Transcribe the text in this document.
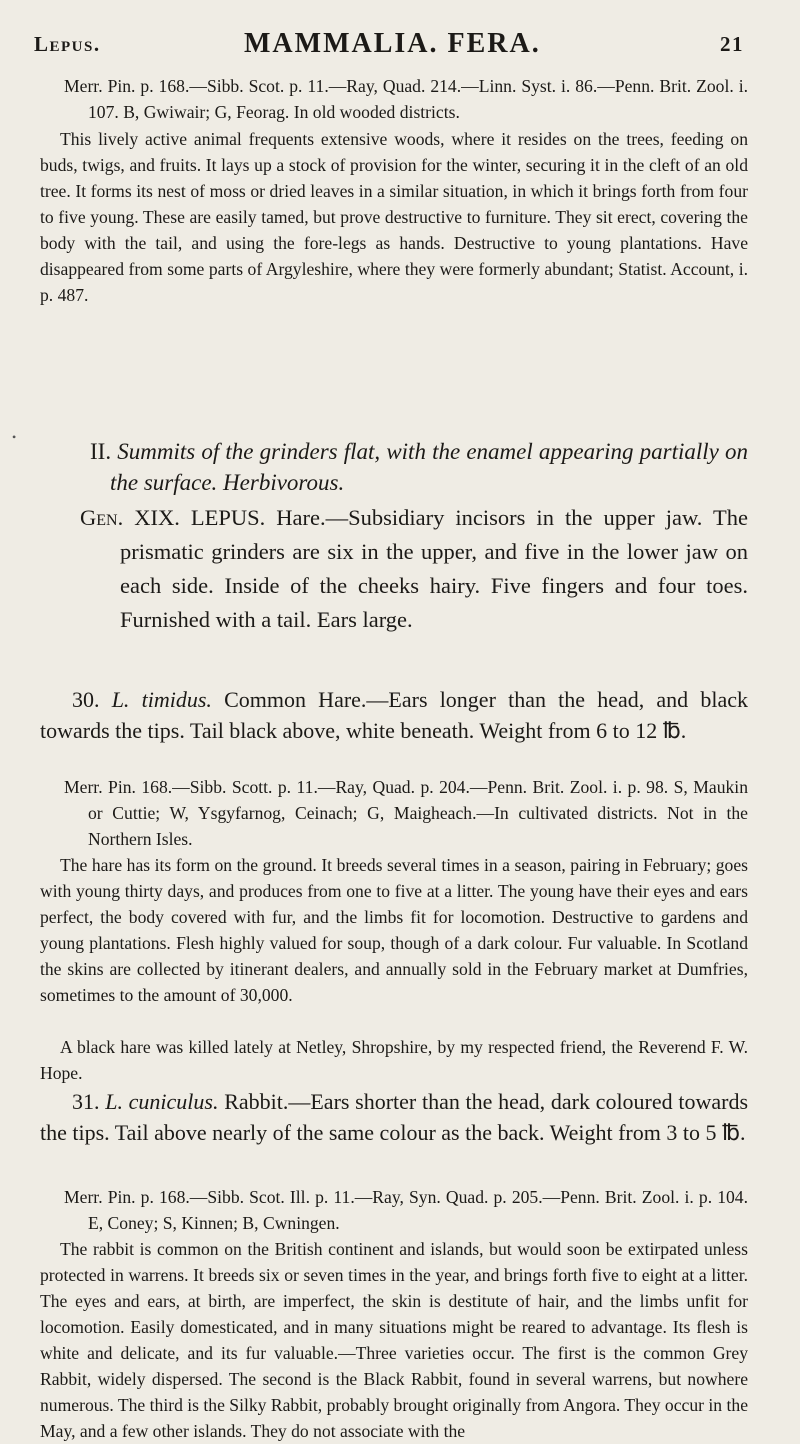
Lepus.	MAMMALIA. FERA.	21
Merr. Pin. p. 168.—Sibb. Scot. p. 11.—Ray, Quad. 214.—Linn. Syst. i. 86.—Penn. Brit. Zool. i. 107. B, Gwiwair; G, Feorag. In old wooded districts.
This lively active animal frequents extensive woods, where it resides on the trees, feeding on buds, twigs, and fruits. It lays up a stock of provision for the winter, securing it in the cleft of an old tree. It forms its nest of moss or dried leaves in a similar situation, in which it brings forth from four to five young. These are easily tamed, but prove destructive to furniture. They sit erect, covering the body with the tail, and using the fore-legs as hands. Destructive to young plantations. Have disappeared from some parts of Argyleshire, where they were formerly abundant; Statist. Account, i. p. 487.
•
II. Summits of the grinders flat, with the enamel appearing partially on the surface. Herbivorous.
Gen. XIX. LEPUS. Hare.—Subsidiary incisors in the upper jaw. The prismatic grinders are six in the upper, and five in the lower jaw on each side. Inside of the cheeks hairy. Five fingers and four toes. Furnished with a tail. Ears large.
30. L. timidus. Common Hare.—Ears longer than the head, and black towards the tips. Tail black above, white beneath. Weight from 6 to 12 ℔.
Merr. Pin. 168.—Sibb. Scott. p. 11.—Ray, Quad. p. 204.—Penn. Brit. Zool. i. p. 98. S, Maukin or Cuttie; W, Ysgyfarnog, Ceinach; G, Maigheach.—In cultivated districts. Not in the Northern Isles.
The hare has its form on the ground. It breeds several times in a season, pairing in February; goes with young thirty days, and produces from one to five at a litter. The young have their eyes and ears perfect, the body covered with fur, and the limbs fit for locomotion. Destructive to gardens and young plantations. Flesh highly valued for soup, though of a dark colour. Fur valuable. In Scotland the skins are collected by itinerant dealers, and annually sold in the February market at Dumfries, sometimes to the amount of 30,000.
A black hare was killed lately at Netley, Shropshire, by my respected friend, the Reverend F. W. Hope.
31. L. cuniculus. Rabbit.—Ears shorter than the head, dark coloured towards the tips. Tail above nearly of the same colour as the back. Weight from 3 to 5 ℔.
Merr. Pin. p. 168.—Sibb. Scot. Ill. p. 11.—Ray, Syn. Quad. p. 205.—Penn. Brit. Zool. i. p. 104. E, Coney; S, Kinnen; B, Cwningen.
The rabbit is common on the British continent and islands, but would soon be extirpated unless protected in warrens. It breeds six or seven times in the year, and brings forth five to eight at a litter. The eyes and ears, at birth, are imperfect, the skin is destitute of hair, and the limbs unfit for locomotion. Easily domesticated, and in many situations might be reared to advantage. Its flesh is white and delicate, and its fur valuable.—Three varieties occur. The first is the common Grey Rabbit, widely dispersed. The second is the Black Rabbit, found in several warrens, but nowhere numerous. The third is the Silky Rabbit, probably brought originally from Angora. They occur in the May, and a few other islands. They do not associate with the
